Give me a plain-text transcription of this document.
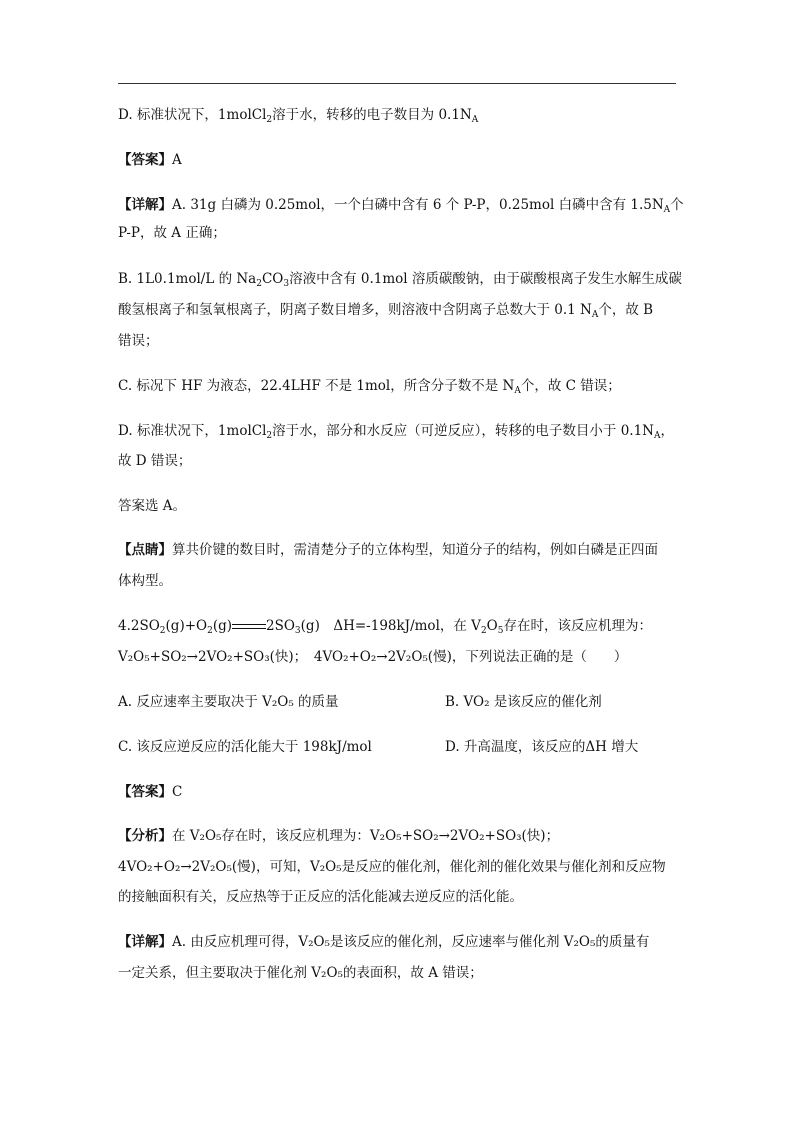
D. 标准状况下，1molCl$_2$溶于水，转移的电子数目为 $0.1N_A$
【答案】A
【详解】A. 31g 白磷为 0.25mol，一个白磷中含有 6 个 P-P，0.25mol 白磷中含有 $1.5N_A$个
P-P，故 A 正确；
B. 1L0.1mol/L 的 $Na_2CO_3$溶液中含有 0.1mol 溶质碳酸钠，由于碳酸根离子发生水解生成碳
酸氢根离子和氢氧根离子，阴离子数目增多，则溶液中含阴离子总数大于 0.1 $N_A$个，故 B
错误；
C. 标况下 HF 为液态，22.4LHF 不是 1mol，所含分子数不是 $N_A$个，故 C 错误；
D. 标准状况下，1molCl$_2$溶于水，部分和水反应（可逆反应），转移的电子数目小于 $0.1N_A$，
故 D 错误；
答案选 A。
【点睛】算共价键的数目时，需清楚分子的立体构型，知道分子的结构，例如白磷是正四面
体构型。
$4.2SO_2(g)+O_2(g)$	$2SO_3(g)$　ΔH=-198kJ/mol，在 $V_2O_5$存在时，该反应机理为：
V₂O₅+SO₂→2VO₂+SO₃(快)；　4VO₂+O₂→2V₂O₅(慢)，下列说法正确的是（　　）
A. 反应速率主要取决于 V₂O₅ 的质量	B. VO₂ 是该反应的催化剂
C. 该反应逆反应的活化能大于 198kJ/mol	D. 升高温度，该反应的ΔH 增大
【答案】C
【分析】在 V₂O₅存在时，该反应机理为：V₂O₅+SO₂→2VO₂+SO₃(快)；
4VO₂+O₂→2V₂O₅(慢)，可知，V₂O₅是反应的催化剂，催化剂的催化效果与催化剂和反应物
的接触面积有关，反应热等于正反应的活化能减去逆反应的活化能。
【详解】A. 由反应机理可得，V₂O₅是该反应的催化剂，反应速率与催化剂 V₂O₅的质量有
一定关系，但主要取决于催化剂 V₂O₅的表面积，故 A 错误；
